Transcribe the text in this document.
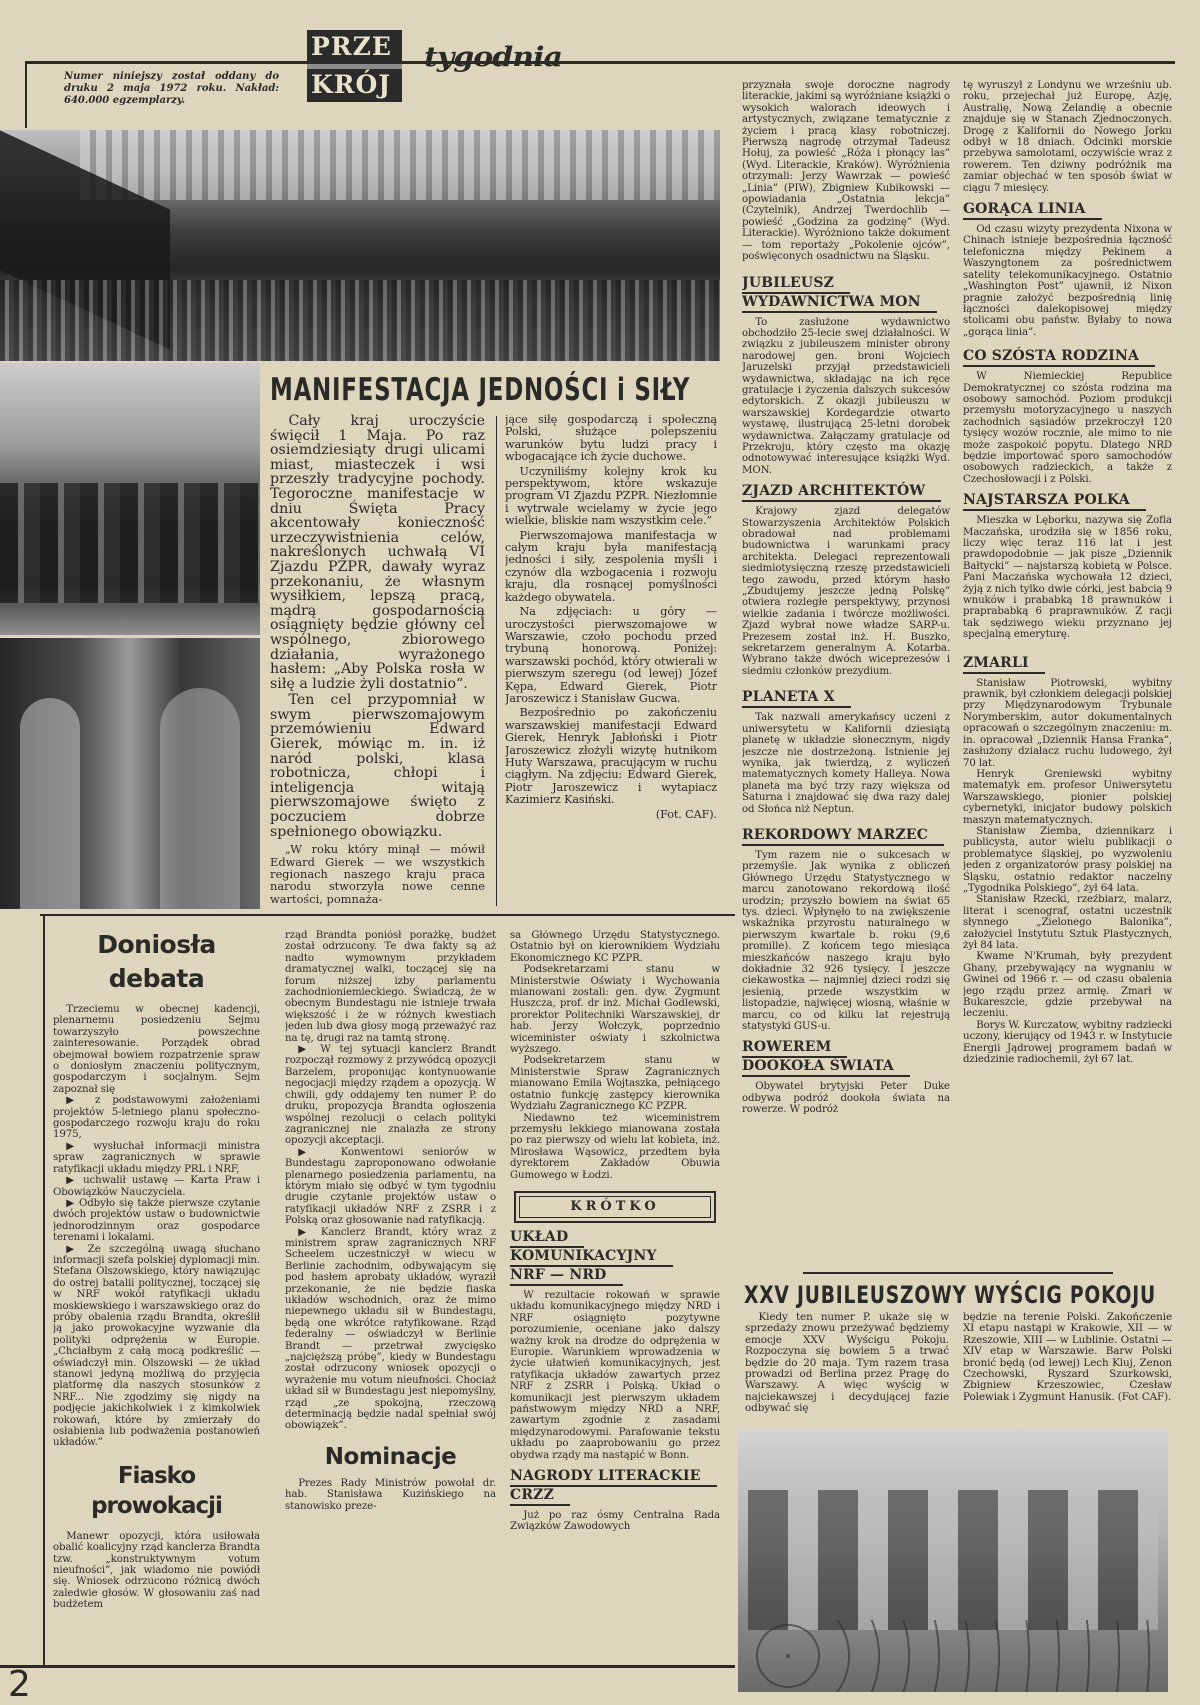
PRZE
KRÓJ
tygodnia
Numer niniejszy został oddany do druku 2 maja 1972 roku. Nakład: 640.000 egzemplarzy.
MANIFESTACJA JEDNOŚCI i SIŁY

Cały kraj uroczyście święcił 1 Maja. Po raz osiemdziesiąty drugi ulicami miast, miasteczek i wsi przeszły tradycyjne pochody. Tegoroczne manifestacje w dniu Święta Pracy akcentowały konieczność urzeczywistnienia celów, nakreślonych uchwałą VI Zjazdu PZPR, dawały wyraz przekonaniu, że własnym wysiłkiem, lepszą pracą, mądrą gospodarnością osiągnięty będzie główny cel wspólnego, zbiorowego działania, wyrażonego hasłem: „Aby Polska rosła w siłę a ludzie żyli dostatnio“.

Ten cel przypomniał w swym pierwszomajowym przemówieniu Edward Gierek, mówiąc m. in. iż naród polski, klasa robotnicza, chłopi i inteligencja witają pierwszomajowe święto z poczuciem dobrze spełnionego obowiązku.

„W roku który minął — mówił Edward Gierek — we wszystkich regionach naszego kraju praca narodu stworzyła nowe cenne wartości, pomnaża-

jące siłę gospodarczą i społeczną Polski, służące polepszeniu warunków bytu ludzi pracy i wbogacające ich życie duchowe.

Uczyniliśmy kolejny krok ku perspektywom, które wskazuje program VI Zjazdu PZPR. Niezłomnie i wytrwale wcielamy w życie jego wielkie, bliskie nam wszystkim cele.”

Pierwszomajowa manifestacja w całym kraju była manifestacją jedności i siły, zespolenia myśli i czynów dla wzbogacenia i rozwoju kraju, dla rosnącej pomyślności każdego obywatela.

Na zdjęciach: u góry — uroczystości pierwszomajowe w Warszawie, czoło pochodu przed trybuną honorową. Poniżej: warszawski pochód, który otwierali w pierwszym szeregu (od lewej) Józef Kępa, Edward Gierek, Piotr Jaroszewicz i Stanisław Gucwa.

Bezpośrednio po zakończeniu warszawskiej manifestacji Edward Gierek, Henryk Jabłoński i Piotr Jaroszewicz złożyli wizytę hutnikom Huty Warszawa, pracującym w ruchu ciągłym. Na zdjęciu: Edward Gierek, Piotr Jaroszewicz i wytapiacz Kazimierz Kasiński.

(Fot. CAF).
Doniosła debata

Trzeciemu w obecnej kadencji, plenarnemu posiedzeniu Sejmu towarzyszyło powszechne zainteresowanie. Porządek obrad obejmował bowiem rozpatrzenie spraw o doniosłym znaczeniu politycznym, gospodarczym i socjalnym. Sejm zapoznał się

▶ z podstawowymi założeniami projektów 5-letniego planu społeczno-gospodarczego rozwoju kraju do roku 1975,

▶ wysłuchał informacji ministra spraw zagranicznych w sprawie ratyfikacji układu między PRL i NRF,

▶ uchwalił ustawę — Karta Praw i Obowiązków Nauczyciela.

▶ Odbyło się także pierwsze czytanie dwóch projektów ustaw o budownictwie jednorodzinnym oraz gospodarce terenami i lokalami.

▶ Ze szczególną uwagą słuchano informacji szefa polskiej dyplomacji min. Stefana Olszowskiego, który nawiązując do ostrej batalii politycznej, toczącej się w NRF wokół ratyfikacji układu moskiewskiego i warszawskiego oraz do próby obalenia rządu Brandta, określił ją jako prowokacyjne wyzwanie dla polityki odprężenia w Europie. „Chciałbym z całą mocą podkreślić — oświadczył min. Olszowski — że układ stanowi jedyną możliwą do przyjęcia platformę dla naszych stosunków z NRF... Nie zgodzimy się nigdy na podjęcie jakichkolwiek i z kimkolwiek rokowań, które by zmierzały do osłabienia lub podważenia postanowień układów.”

Fiasko prowokacji

Manewr opozycji, która usiłowała obalić koalicyjny rząd kanclerza Brandta tzw. „konstruktywnym votum nieufności”, jak wiadomo nie powiódł się. Wniosek odrzucono różnicą dwóch zaledwie głosów. W głosowaniu zaś nad budżetem

rząd Brandta poniósł porażkę, budżet został odrzucony. Te dwa fakty są aż nadto wymownym przykładem dramatycznej walki, toczącej się na forum niższej izby parlamentu zachodnioniemieckiego. Świadczą, że w obecnym Bundestagu nie istnieje trwała większość i że w różnych kwestiach jeden lub dwa głosy mogą przeważyć raz na tę, drugi raz na tamtą stronę.

▶ W tej sytuacji kanclerz Brandt rozpoczął rozmowy z przywódcą opozycji Barzelem, proponując kontynuowanie negocjacji między rządem a opozycją. W chwili, gdy oddajemy ten numer P. do druku, propozycja Brandta ogłoszenia wspólnej rezolucji o celach polityki zagranicznej nie znalazła ze strony opozycji akceptacji.

▶ Konwentowi seniorów w Bundestagu zaproponowano odwołanie plenarnego posiedzenia parlamentu, na którym miało się odbyć w tym tygodniu drugie czytanie projektów ustaw o ratyfikacji układów NRF z ZSRR i z Polską oraz głosowanie nad ratyfikacją.

▶ Kanclerz Brandt, który wraz z ministrem spraw zagranicznych NRF Scheelem uczestniczył w wiecu w Berlinie zachodnim, odbywającym się pod hasłem aprobaty układów, wyraził przekonanie, że nie będzie fiaska układów wschodnich, oraz że mimo niepewnego układu sił w Bundestagu, będą one wkrótce ratyfikowane. Rząd federalny — oświadczył w Berlinie Brandt — przetrwał zwycięsko „najcięższą próbę”, kiedy w Bundestagu został odrzucony wniosek opozycji o wyrażenie mu votum nieufności. Chociaż układ sił w Bundestagu jest niepomyślny, rząd „ze spokojną, rzeczową determinacją będzie nadal spełniał swój obowiązek”.

Nominacje

Prezes Rady Ministrów powołał dr. hab. Stanisława Kuzińskiego na stanowisko preze-

sa Głównego Urzędu Statystycznego. Ostatnio był on kierownikiem Wydziału Ekonomicznego KC PZPR.

Podsekretarzami stanu w Ministerstwie Oświaty i Wychowania mianowani zostali: gen. dyw. Zygmunt Huszcza, prof. dr inż. Michał Godlewski, prorektor Politechniki Warszawskiej, dr hab. Jerzy Wołczyk, poprzednio wiceminister oświaty i szkolnictwa wyższego.

Podsekretarzem stanu w Ministerstwie Spraw Zagranicznych mianowano Emila Wojtaszka, pełniącego ostatnio funkcję zastępcy kierownika Wydziału Zagranicznego KC PZPR.

Niedawno też wiceministrem przemysłu lekkiego mianowana została po raz pierwszy od wielu lat kobieta, inż. Mirosława Wąsowicz, przedtem była dyrektorem Zakładów Obuwia Gumowego w Łodzi.

KRÓTKO
UKŁAD
KOMUNIKACYJNY
NRF — NRD

W rezultacie rokowań w sprawie układu komunikacyjnego między NRD i NRF osiągnięto pozytywne porozumienie, oceniane jako dalszy ważny krok na drodze do odprężenia w Europie. Warunkiem wprowadzenia w życie ułatwień komunikacyjnych, jest ratyfikacja układów zawartych przez NRF z ZSRR i Polską. Układ o komunikacji jest pierwszym układem państwowym między NRD a NRF, zawartym zgodnie z zasadami międzynarodowymi. Parafowanie tekstu układu po zaaprobowaniu go przez obydwa rządy ma nastąpić w Bonn.

NAGRODY LITERACKIE
CRZZ

Już po raz ósmy Centralna Rada Związków Zawodowych

przyznała swoje doroczne nagrody literackie, jakimi są wyróżniane książki o wysokich walorach ideowych i artystycznych, związane tematycznie z życiem i pracą klasy robotniczej. Pierwszą nagrodę otrzymał Tadeusz Hołuj, za powieść „Róża i płonący las” (Wyd. Literackie, Kraków). Wyróżnienia otrzymali: Jerzy Wawrzak — powieść „Linia” (PIW), Zbigniew Kubikowski — opowiadania „Ostatnia lekcja” (Czytelnik), Andrzej Twerdochlib — powieść „Godzina za godzinę” (Wyd. Literackie). Wyróżniono także dokument — tom reportaży „Pokolenie ojców”, poświęconych osadnictwu na Śląsku.

JUBILEUSZ
WYDAWNICTWA MON

To zasłużone wydawnictwo obchodziło 25-lecie swej działalności. W związku z jubileuszem minister obrony narodowej gen. broni Wojciech Jaruzelski przyjął przedstawicieli wydawnictwa, składając na ich ręce gratulacje i życzenia dalszych sukcesów edytorskich. Z okazji jubileuszu w warszawskiej Kordegardzie otwarto wystawę, ilustrującą 25-letni dorobek wydawnictwa. Załączamy gratulacje od Przekroju, który często ma okazję odnotowywać interesujące książki Wyd. MON.

ZJAZD ARCHITEKTÓW

Krajowy zjazd delegatów Stowarzyszenia Architektów Polskich obradował nad problemami budownictwa i warunkami pracy architekta. Delegaci reprezentowali siedmiotysięczną rzeszę przedstawicieli tego zawodu, przed którym hasło „Zbudujemy jeszcze jedną Polskę” otwiera rozległe perspektywy, przynosi wielkie zadania i twórcze możliwości. Zjazd wybrał nowe władze SARP-u. Prezesem został inż. H. Buszko, sekretarzem generalnym A. Kotarba. Wybrano także dwóch wiceprezesów i siedmiu członków prezydium.

PLANETA X

Tak nazwali amerykańscy uczeni z uniwersytetu w Kalifornii dziesiątą planetę w układzie słonecznym, nigdy jeszcze nie dostrzeżoną. Istnienie jej wynika, jak twierdzą, z wyliczeń matematycznych komety Halleya. Nowa planeta ma być trzy razy większa od Saturna i znajdować się dwa razy dalej od Słońca niż Neptun.

REKORDOWY MARZEC

Tym razem nie o sukcesach w przemyśle. Jak wynika z obliczeń Głównego Urzędu Statystycznego w marcu zanotowano rekordową ilość urodzin; przyszło bowiem na świat 65 tys. dzieci. Wpłynęło to na zwiększenie wskaźnika przyrostu naturalnego w pierwszym kwartale b. roku (9,6 promille). Z końcem tego miesiąca mieszkańców naszego kraju było dokładnie 32 926 tysięcy. I jeszcze ciekawostka — najmniej dzieci rodzi się jesienią, przede wszystkim w listopadzie, najwięcej wiosną, właśnie w marcu, co od kilku lat rejestrują statystyki GUS-u.

ROWEREM
DOOKOŁA ŚWIATA

Obywatel brytyjski Peter Duke odbywa podróż dookoła świata na rowerze. W podróż

tę wyruszył z Londynu we wrześniu ub. roku, przejechał już Europę, Azję, Australię, Nową Zelandię a obecnie znajduje się w Stanach Zjednoczonych. Drogę z Kalifornii do Nowego Jorku odbył w 18 dniach. Odcinki morskie przebywa samolotami, oczywiście wraz z rowerem. Ten dziwny podróżnik ma zamiar objechać w ten sposób świat w ciągu 7 miesięcy.

GORĄCA LINIA

Od czasu wizyty prezydenta Nixona w Chinach istnieje bezpośrednia łączność telefoniczna między Pekinem a Waszyngtonem za pośrednictwem satelity telekomunikacyjnego. Ostatnio „Washington Post” ujawnił, iż Nixon pragnie założyć bezpośrednią linię łączności dalekopisowej między stolicami obu państw. Byłaby to nowa „gorąca linia”.

CO SZÓSTA RODZINA

W Niemieckiej Republice Demokratycznej co szósta rodzina ma osobowy samochód. Poziom produkcji przemysłu motoryzacyjnego u naszych zachodnich sąsiadów przekroczył 120 tysięcy wozów rocznie, ale mimo to nie może zaspokoić popytu. Dlatego NRD będzie importować sporo samochodów osobowych radzieckich, a także z Czechosłowacji i z Polski.

NAJSTARSZA POLKA

Mieszka w Lęborku, nazywa się Zofia Maczańska, urodziła się w 1856 roku, liczy więc teraz 116 lat i jest prawdopodobnie — jak pisze „Dziennik Bałtycki” — najstarszą kobietą w Polsce. Pani Maczańska wychowała 12 dzieci, żyją z nich tylko dwie córki, jest babcią 9 wnuków i prababką 18 prawnuków i praprababką 6 praprawnuków. Z racji tak sędziwego wieku przyznano jej specjalną emeryturę.

ZMARLI

Stanisław Piotrowski, wybitny prawnik, był członkiem delegacji polskiej przy Międzynarodowym Trybunale Norymberskim, autor dokumentalnych opracowań o szczególnym znaczeniu: m. in. opracował „Dziennik Hansa Franka”, zasłużony działacz ruchu ludowego, żył 70 lat.

Henryk Greniewski wybitny matematyk em. profesor Uniwersytetu Warszawskiego, pionier polskiej cybernetyki, inicjator budowy polskich maszyn matematycznych.

Stanisław Ziemba, dziennikarz i publicysta, autor wielu publikacji o problematyce śląskiej, po wyzwoleniu jeden z organizatorów prasy polskiej na Śląsku, ostatnio redaktor naczelny „Tygodnika Polskiego”, żył 64 lata.

Stanisław Rzecki, rzeźbiarz, malarz, literat i scenograf, ostatni uczestnik słynnego „Zielonego Balonika”, założyciel Instytutu Sztuk Plastycznych, żył 84 lata.

Kwame N'Krumah, były prezydent Ghany, przebywający na wygnaniu w Gwinei od 1966 r. — od czasu obalenia jego rządu przez armię. Zmarł w Bukareszcie, gdzie przebywał na leczeniu.

Borys W. Kurczatow, wybitny radziecki uczony, kierujący od 1943 r. w Instytucie Energii Jądrowej programem badań w dziedzinie radiochemii, żył 67 lat.

XXV JUBILEUSZOWY WYŚCIG POKOJU

Kiedy ten numer P. ukaże się w sprzedaży znowu przeżywać będziemy emocje XXV Wyścigu Pokoju. Rozpoczyna się bowiem 5 a trwać będzie do 20 maja. Tym razem trasa prowadzi od Berlina przez Pragę do Warszawy. A więc wyścig w najciekawszej i decydującej fazie odbywać się

będzie na terenie Polski. Zakończenie XI etapu nastąpi w Krakowie, XII — w Rzeszowie, XIII — w Lublinie. Ostatni — XIV etap w Warszawie. Barw Polski bronić będą (od lewej) Lech Kluj, Zenon Czechowski, Ryszard Szurkowski, Zbigniew Krzeszowiec, Czesław Polewiak i Zygmunt Hanusik. (Fot CAF).

2
